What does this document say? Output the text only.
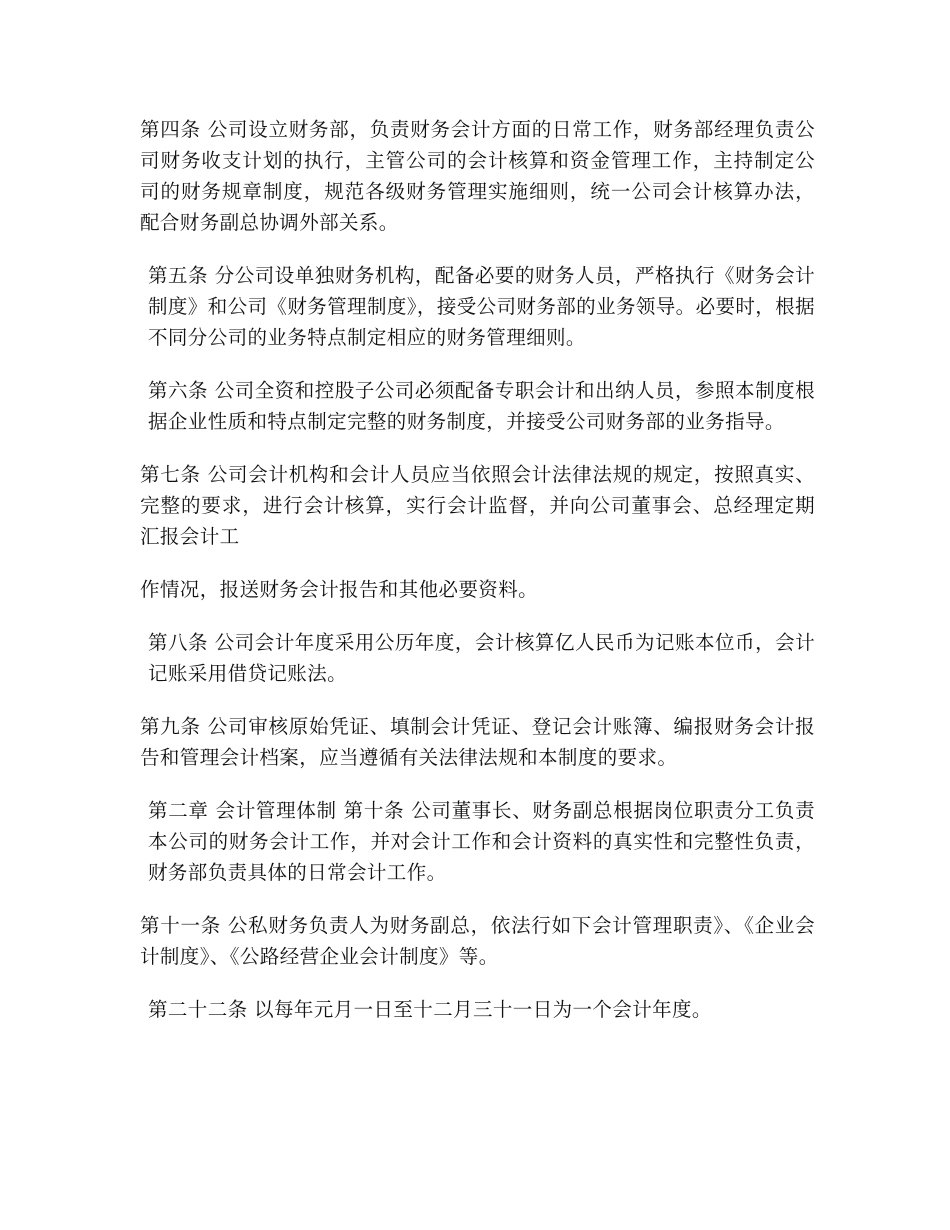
第四条 公司设立财务部，负责财务会计方面的日常工作，财务部经理负责公司财务收支计划的执行，主管公司的会计核算和资金管理工作，主持制定公司的财务规章制度，规范各级财务管理实施细则，统一公司会计核算办法，配合财务副总协调外部关系。

第五条 分公司设单独财务机构，配备必要的财务人员，严格执行《财务会计制度》和公司《财务管理制度》，接受公司财务部的业务领导。必要时，根据不同分公司的业务特点制定相应的财务管理细则。

第六条 公司全资和控股子公司必须配备专职会计和出纳人员，参照本制度根据企业性质和特点制定完整的财务制度，并接受公司财务部的业务指导。

第七条 公司会计机构和会计人员应当依照会计法律法规的规定，按照真实、完整的要求，进行会计核算，实行会计监督，并向公司董事会、总经理定期汇报会计工

作情况，报送财务会计报告和其他必要资料。

第八条 公司会计年度采用公历年度，会计核算亿人民币为记账本位币，会计记账采用借贷记账法。

第九条 公司审核原始凭证、填制会计凭证、登记会计账簿、编报财务会计报告和管理会计档案，应当遵循有关法律法规和本制度的要求。

第二章 会计管理体制 第十条 公司董事长、财务副总根据岗位职责分工负责本公司的财务会计工作，并对会计工作和会计资料的真实性和完整性负责，财务部负责具体的日常会计工作。

第十一条 公私财务负责人为财务副总，依法行如下会计管理职责》、《企业会计制度》、《公路经营企业会计制度》等。

第二十二条 以每年元月一日至十二月三十一日为一个会计年度。
